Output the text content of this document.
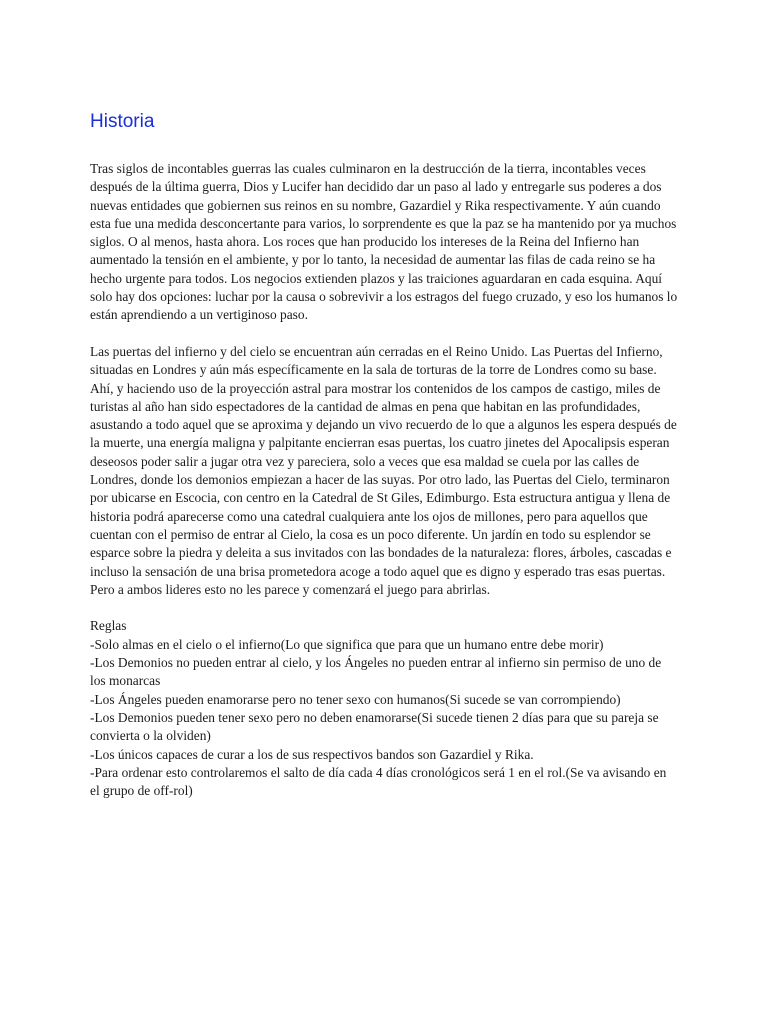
Historia

Tras siglos de incontables guerras las cuales culminaron en la destrucción de la tierra, incontables veces después de la última guerra, Dios y Lucifer han decidido dar un paso al lado y entregarle sus poderes a dos nuevas entidades que gobiernen sus reinos en su nombre, Gazardiel y Rika respectivamente. Y aún cuando esta fue una medida desconcertante para varios, lo sorprendente es que la paz se ha mantenido por ya muchos siglos. O al menos, hasta ahora. Los roces que han producido los intereses de la Reina del Infierno han aumentado la tensión en el ambiente, y por lo tanto, la necesidad de aumentar las filas de cada reino se ha hecho urgente para todos. Los negocios extienden plazos y las traiciones aguardaran en cada esquina. Aquí solo hay dos opciones: luchar por la causa o sobrevivir a los estragos del fuego cruzado, y eso los humanos lo están aprendiendo a un vertiginoso paso.

Las puertas del infierno y del cielo se encuentran aún cerradas en el Reino Unido. Las Puertas del Infierno, situadas en Londres y aún más específicamente en la sala de torturas de la torre de Londres como su base. Ahí, y haciendo uso de la proyección astral para mostrar los contenidos de los campos de castigo, miles de turistas al año han sido espectadores de la cantidad de almas en pena que habitan en las profundidades, asustando a todo aquel que se aproxima y dejando un vivo recuerdo de lo que a algunos les espera después de la muerte, una energía maligna y palpitante encierran esas puertas, los cuatro jinetes del Apocalipsis esperan deseosos poder salir a jugar otra vez y pareciera, solo a veces que esa maldad se cuela por las calles de Londres, donde los demonios empiezan a hacer de las suyas. Por otro lado, las Puertas del Cielo, terminaron por ubicarse en Escocia, con centro en la Catedral de St Giles, Edimburgo. Esta estructura antigua y llena de historia podrá aparecerse como una catedral cualquiera ante los ojos de millones, pero para aquellos que cuentan con el permiso de entrar al Cielo, la cosa es un poco diferente. Un jardín en todo su esplendor se esparce sobre la piedra y deleita a sus invitados con las bondades de la naturaleza: flores, árboles, cascadas e incluso la sensación de una brisa prometedora acoge a todo aquel que es digno y esperado tras esas puertas.

Pero a ambos lideres esto no les parece y comenzará el juego para abrirlas.

Reglas

-Solo almas en el cielo o el infierno(Lo que significa que para que un humano entre debe morir)

-Los Demonios no pueden entrar al cielo, y los Ángeles no pueden entrar al infierno sin permiso de uno de los monarcas

-Los Ángeles pueden enamorarse pero no tener sexo con humanos(Si sucede se van corrompiendo)

-Los Demonios pueden tener sexo pero no deben enamorarse(Si sucede tienen 2 días para que su pareja se convierta o la olviden)

-Los únicos capaces de curar a los de sus respectivos bandos son Gazardiel y Rika.

-Para ordenar esto controlaremos el salto de día cada 4 días cronológicos será 1 en el rol.(Se va avisando en el grupo de off-rol)
